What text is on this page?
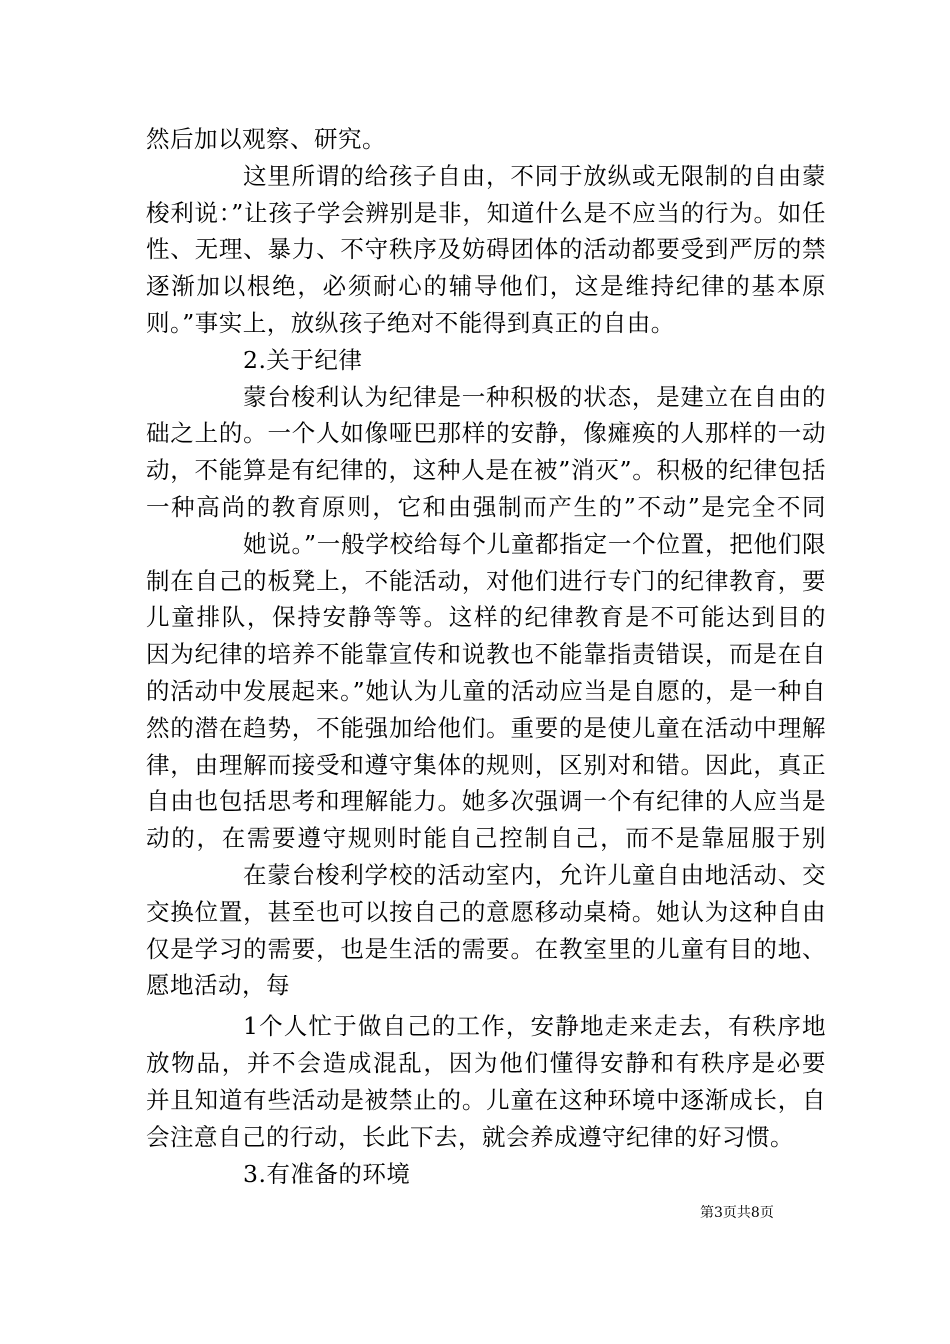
然后加以观察、研究。
这里所谓的给孩子自由，不同于放纵或无限制的自由蒙
梭利说：”让孩子学会辨别是非，知道什么是不应当的行为。如任
性、无理、暴力、不守秩序及妨碍团体的活动都要受到严厉的禁
逐渐加以根绝，必须耐心的辅导他们，这是维持纪律的基本原
则。”事实上，放纵孩子绝对不能得到真正的自由。
2.关于纪律
蒙台梭利认为纪律是一种积极的状态，是建立在自由的
础之上的。一个人如像哑巴那样的安静，像瘫痪的人那样的一动
动，不能算是有纪律的，这种人是在被”消灭”。积极的纪律包括
一种高尚的教育原则，它和由强制而产生的”不动”是完全不同
她说。”一般学校给每个儿童都指定一个位置，把他们限
制在自己的板凳上，不能活动，对他们进行专门的纪律教育，要
儿童排队，保持安静等等。这样的纪律教育是不可能达到目的
因为纪律的培养不能靠宣传和说教也不能靠指责错误，而是在自
的活动中发展起来。”她认为儿童的活动应当是自愿的，是一种自
然的潜在趋势，不能强加给他们。重要的是使儿童在活动中理解
律，由理解而接受和遵守集体的规则，区别对和错。因此，真正
自由也包括思考和理解能力。她多次强调一个有纪律的人应当是
动的，在需要遵守规则时能自己控制自己，而不是靠屈服于别
在蒙台梭利学校的活动室内，允许儿童自由地活动、交
交换位置，甚至也可以按自己的意愿移动桌椅。她认为这种自由
仅是学习的需要，也是生活的需要。在教室里的儿童有目的地、
愿地活动，每
1个人忙于做自己的工作，安静地走来走去，有秩序地
放物品，并不会造成混乱，因为他们懂得安静和有秩序是必要
并且知道有些活动是被禁止的。儿童在这种环境中逐渐成长，自
会注意自己的行动，长此下去，就会养成遵守纪律的好习惯。
3.有准备的环境
第3页共8页
